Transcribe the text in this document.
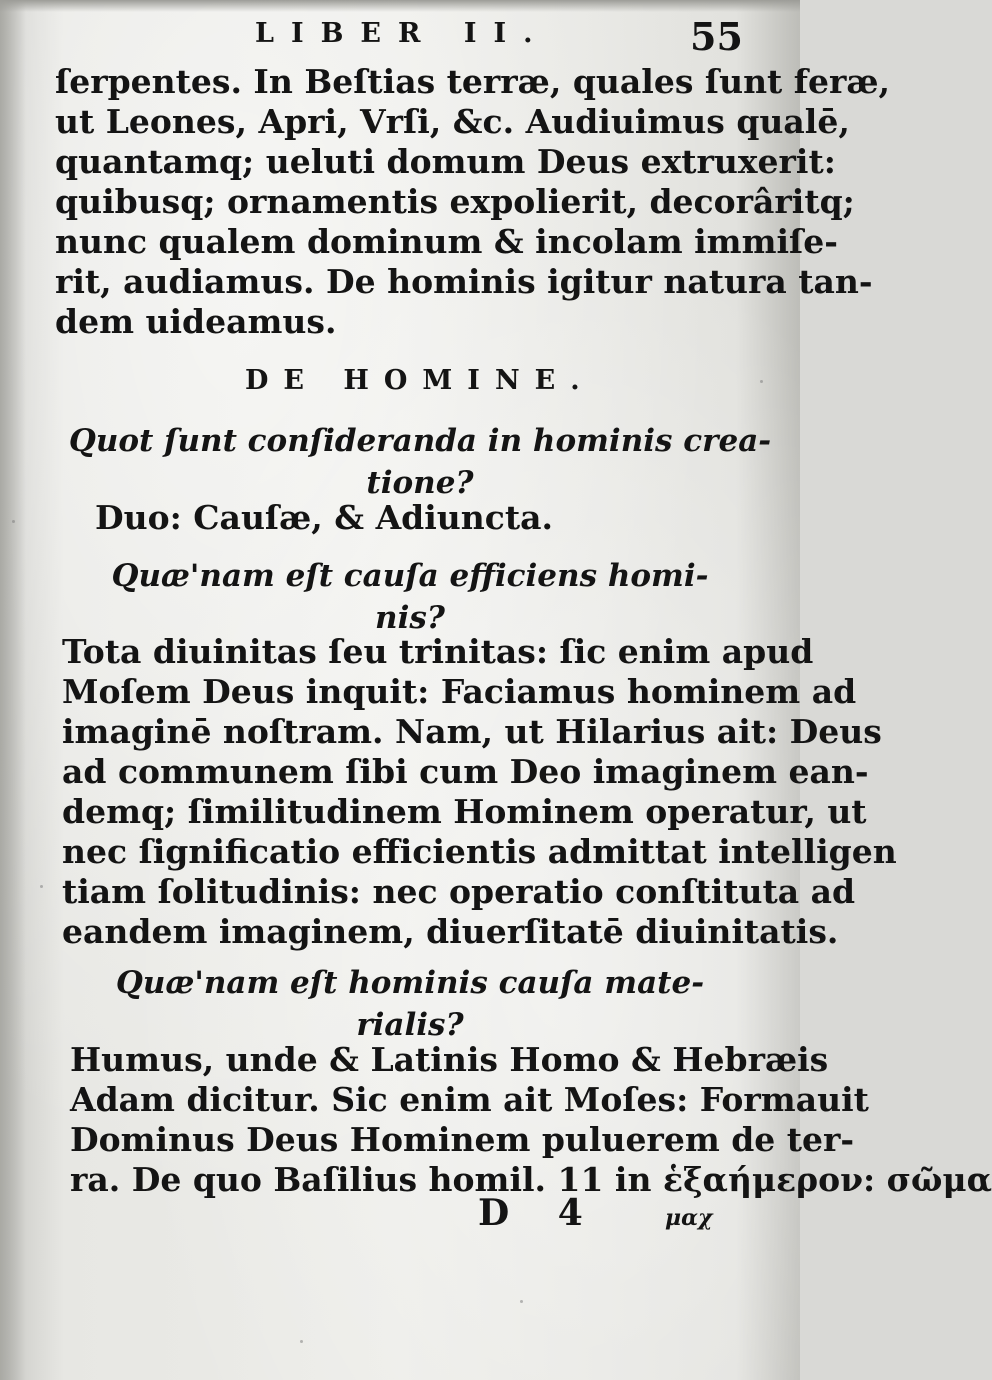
LIBER II.	55
ſerpentes. In Beſtias terræ, quales ſunt feræ,
ut Leones, Apri, Vrſi, &c. Audiuimus qualē,
quantamq; ueluti domum Deus extruxerit:
quibusq; ornamentis expolierit, decorâritq;
nunc qualem dominum & incolam immiſe-
rit, audiamus. De hominis igitur natura tan-
dem uideamus.
DE HOMINE.
Quot ſunt conſideranda in hominis crea-
tione?
Duo: Cauſæ, & Adiuncta.
Quæ'nam eſt cauſa efficiens homi-
nis?
Tota diuinitas ſeu trinitas: ſic enim apud
Moſem Deus inquit: Faciamus hominem ad
imaginē noſtram. Nam, ut Hilarius ait: Deus
ad communem ſibi cum Deo imaginem ean-
demq; ſimilitudinem Hominem operatur, ut
nec ſignificatio efficientis admittat intelligen
tiam ſolitudinis: nec operatio conſtituta ad
eandem imaginem, diuerſitatē diuinitatis.
Quæ'nam eſt hominis cauſa mate-
rialis?
Humus, unde & Latinis Homo & Hebræis
Adam dicitur. Sic enim ait Moſes: Formauit
Dominus Deus Hominem puluerem de ter-
ra. De quo Baſilius homil. 11 in ἑξαήμερον: σῶμα
D 4	μαχ
